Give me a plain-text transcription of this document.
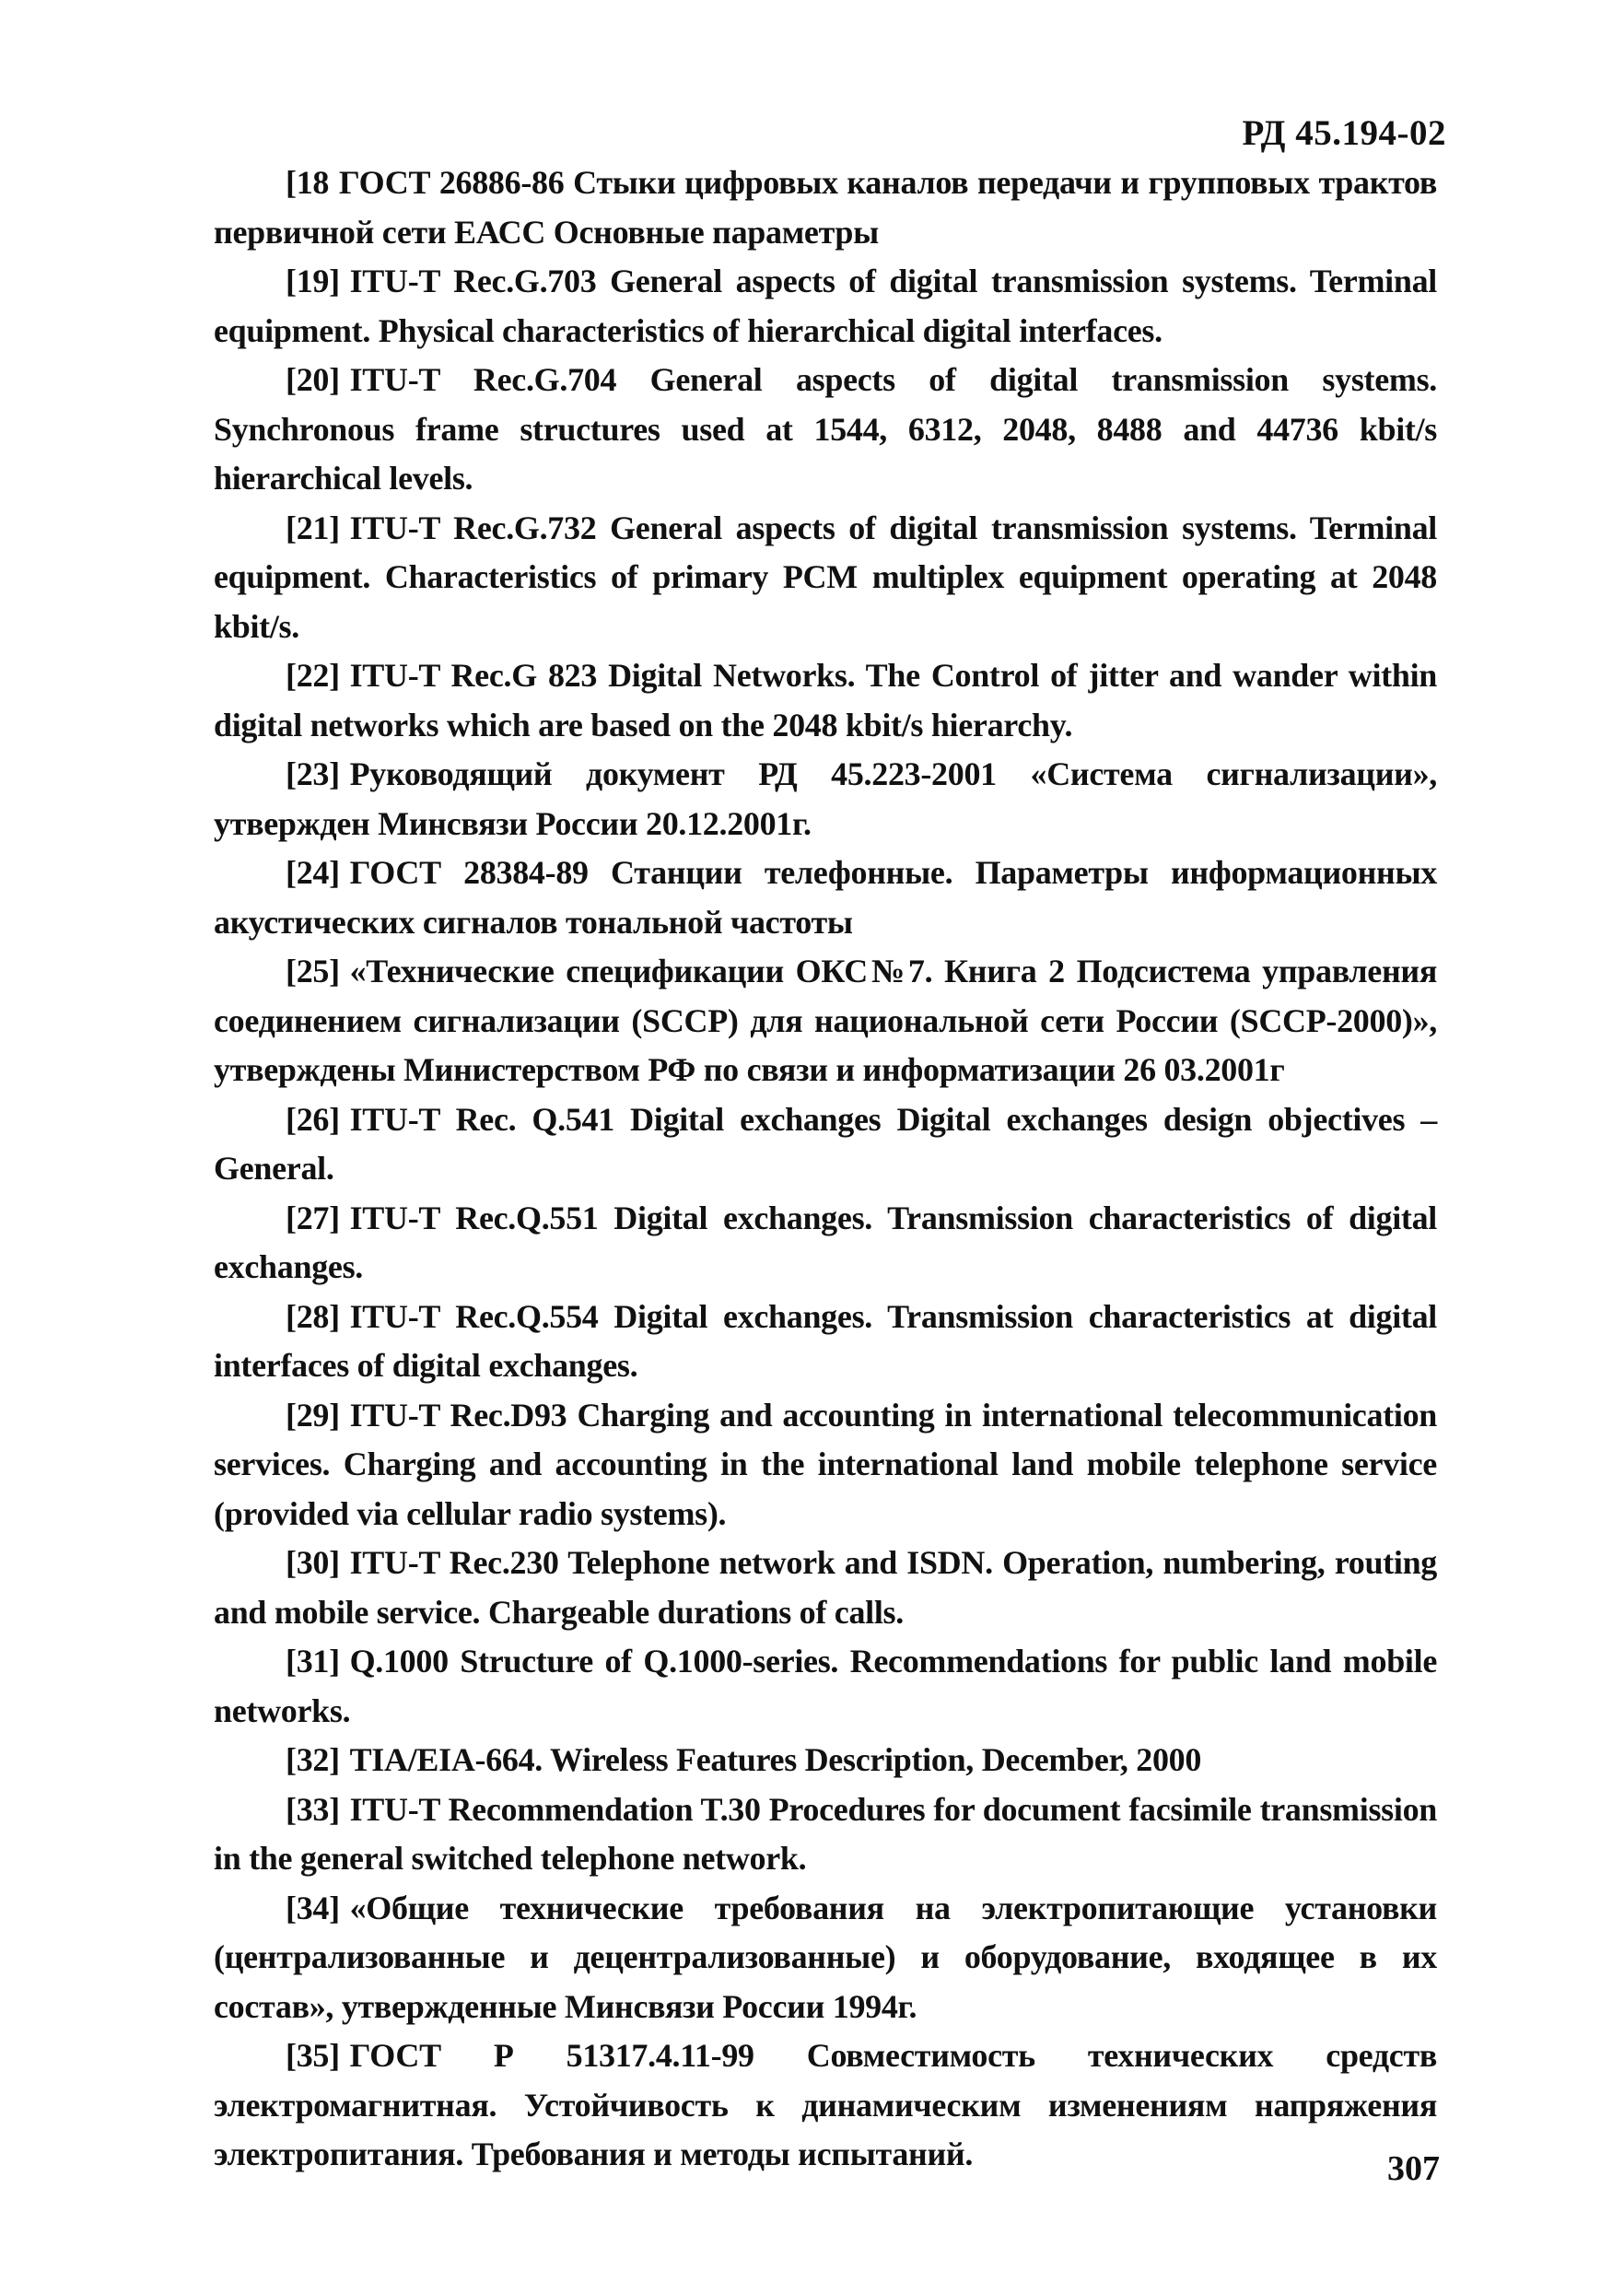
РД 45.194-02
[18 ГОСТ 26886-86 Стыки цифровых каналов передачи и групповых трактов первичной сети ЕАСС Основные параметры
[19] ITU-T Rec.G.703 General aspects of digital transmission systems. Terminal equipment. Physical characteristics of hierarchical digital interfaces.
[20] ITU-T Rec.G.704 General aspects of digital transmission systems. Synchronous frame structures used at 1544, 6312, 2048, 8488 and 44736 kbit/s hierarchical levels.
[21] ITU-T Rec.G.732 General aspects of digital transmission systems. Terminal equipment. Characteristics of primary PCM multiplex equipment operating at 2048 kbit/s.
[22] ITU-T Rec.G 823 Digital Networks. The Control of jitter and wander within digital networks which are based on the 2048 kbit/s hierarchy.
[23] Руководящий документ РД 45.223-2001 «Система сигнализации», утвержден Минсвязи России 20.12.2001г.
[24] ГОСТ 28384-89 Станции телефонные. Параметры информационных акустических сигналов тональной частоты
[25] «Технические спецификации ОКС№7. Книга 2 Подсистема управления соединением сигнализации (SCCP) для национальной сети России (SCCP-2000)», утверждены Министерством РФ по связи и информатизации 26 03.2001г
[26] ITU-T Rec. Q.541 Digital exchanges Digital exchanges design objectives – General.
[27] ITU-T Rec.Q.551 Digital exchanges. Transmission characteristics of digital exchanges.
[28] ITU-T Rec.Q.554 Digital exchanges. Transmission characteristics at digital interfaces of digital exchanges.
[29] ITU-T Rec.D93 Charging and accounting in international telecommunication services. Charging and accounting in the international land mobile telephone service (provided via cellular radio systems).
[30] ITU-T Rec.230 Telephone network and ISDN. Operation, numbering, routing and mobile service. Chargeable durations of calls.
[31] Q.1000 Structure of Q.1000-series. Recommendations for public land mobile networks.
[32] TIA/EIA-664. Wireless Features Description, December, 2000
[33] ITU-T Recommendation T.30 Procedures for document facsimile transmission in the general switched telephone network.
[34] «Общие технические требования на электропитающие установки (централизованные и децентрализованные) и оборудование, входящее в их состав», утвержденные Минсвязи России 1994г.
[35] ГОСТ Р 51317.4.11-99 Совместимость технических средств электромагнитная. Устойчивость к динамическим изменениям напряжения электропитания. Требования и методы испытаний.	307
